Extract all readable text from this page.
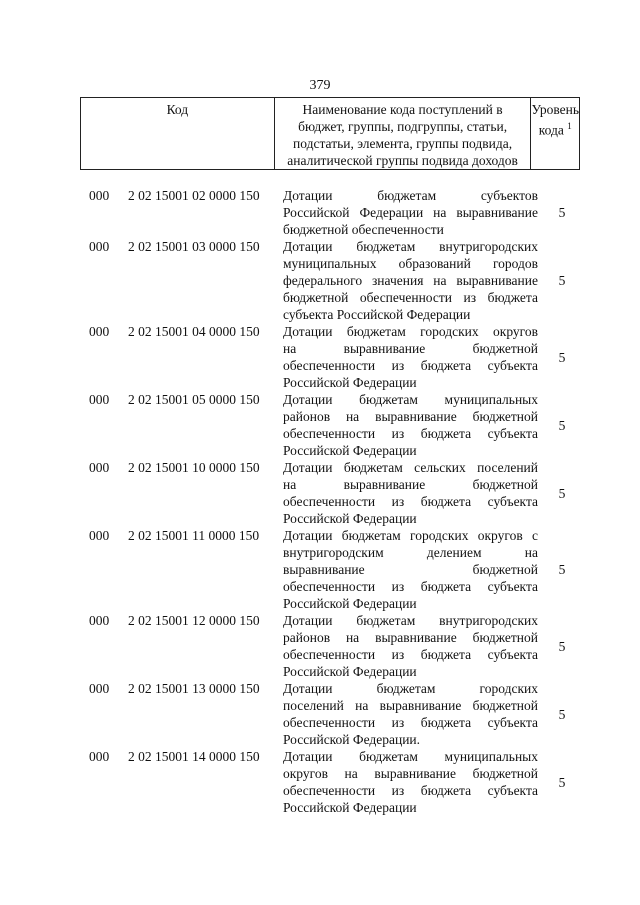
379
Код	Наименование кода поступлений в
бюджет, группы, подгруппы, статьи,
подстатьи, элемента, группы подвида,
аналитической группы подвида доходов

Уровень
кода $^1$
000	2 02 15001 02 0000 150	Дотации бюджетам субъектов
Российской Федерации на выравнивание
бюджетной обеспеченности
5
000	2 02 15001 03 0000 150	Дотации бюджетам внутригородских
муниципальных образований городов
федерального значения на выравнивание
бюджетной обеспеченности из бюджета
субъекта Российской Федерации
5
000	2 02 15001 04 0000 150	Дотации бюджетам городских округов
на выравнивание бюджетной
обеспеченности из бюджета субъекта
Российской Федерации
5
000	2 02 15001 05 0000 150	Дотации бюджетам муниципальных
районов на выравнивание бюджетной
обеспеченности из бюджета субъекта
Российской Федерации
5
000	2 02 15001 10 0000 150	Дотации бюджетам сельских поселений
на выравнивание бюджетной
обеспеченности из бюджета субъекта
Российской Федерации
5
000	2 02 15001 11 0000 150	Дотации бюджетам городских округов с
внутригородским делением на
выравнивание бюджетной
обеспеченности из бюджета субъекта
Российской Федерации
5
000	2 02 15001 12 0000 150	Дотации бюджетам внутригородских
районов на выравнивание бюджетной
обеспеченности из бюджета субъекта
Российской Федерации
5
000	2 02 15001 13 0000 150	Дотации бюджетам городских
поселений на выравнивание бюджетной
обеспеченности из бюджета субъекта
Российской Федерации.
5
000	2 02 15001 14 0000 150	Дотации бюджетам муниципальных
округов на выравнивание бюджетной
обеспеченности из бюджета субъекта
Российской Федерации
5
